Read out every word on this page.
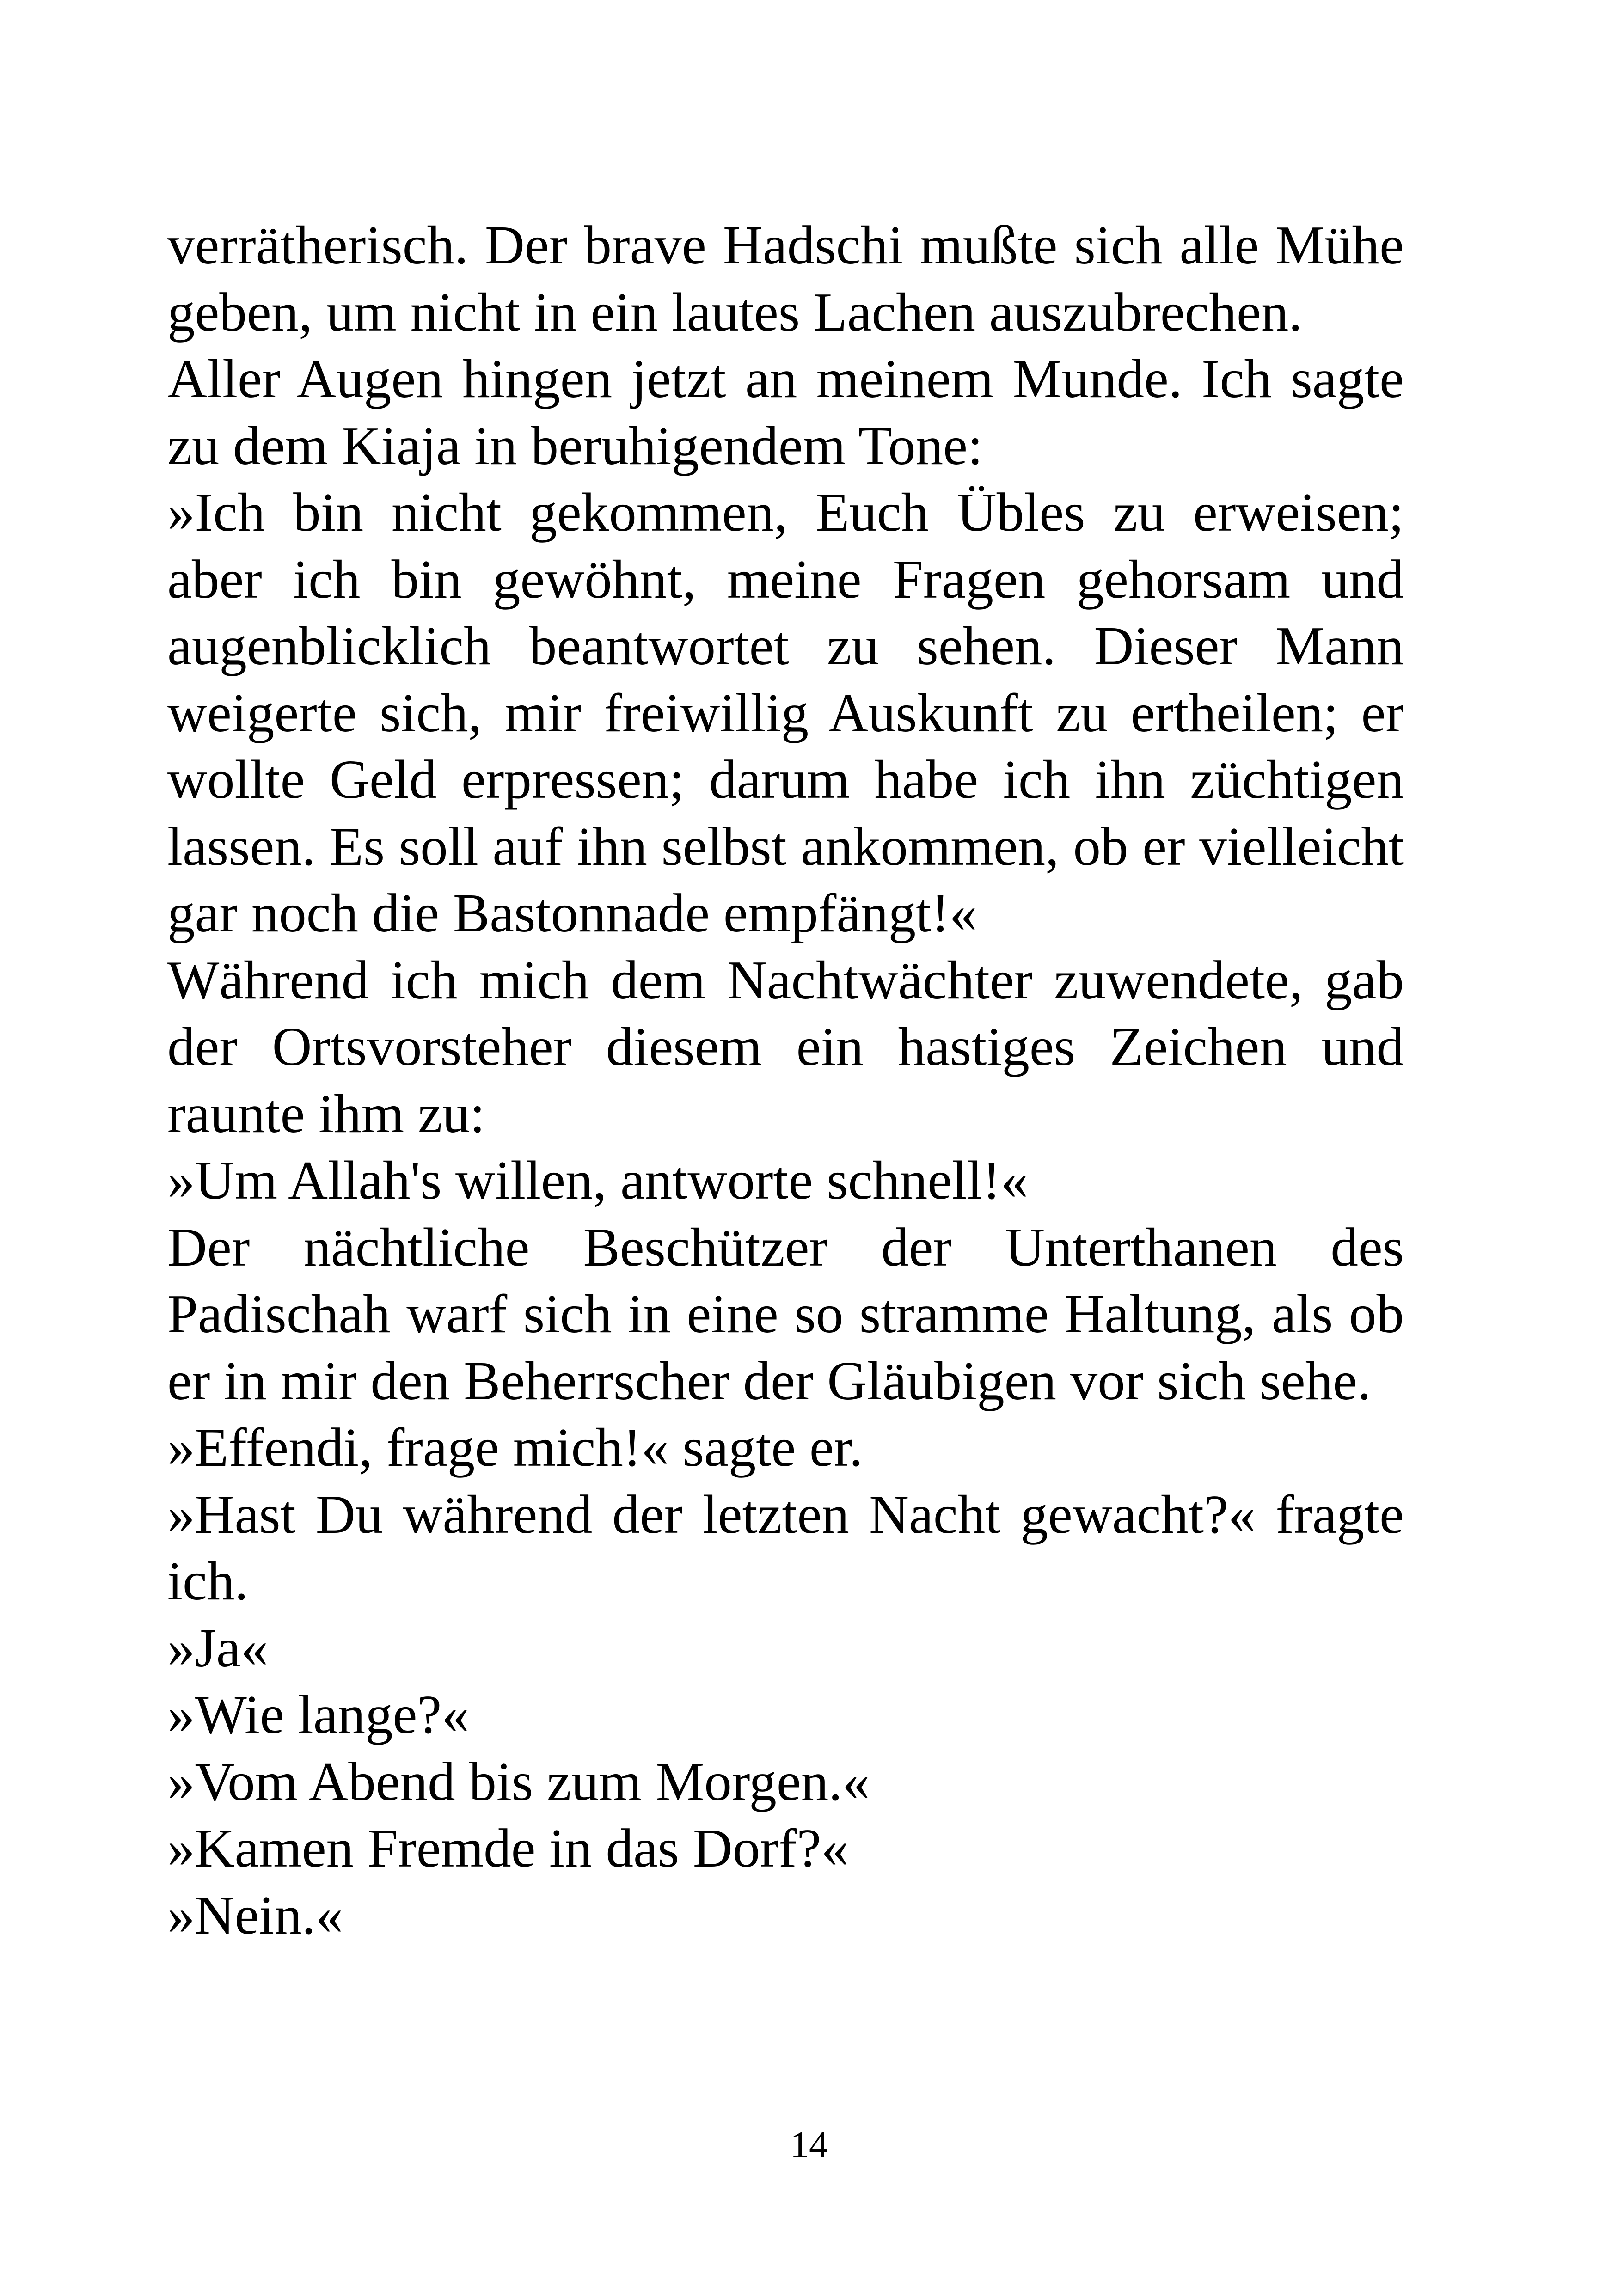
verrätherisch. Der brave Hadschi mußte sich alle Mühe geben, um nicht in ein lautes Lachen auszubrechen.

Aller Augen hingen jetzt an meinem Munde. Ich sagte zu dem Kiaja in beruhigendem Tone:

»Ich bin nicht gekommen, Euch Übles zu erweisen; aber ich bin gewöhnt, meine Fragen gehorsam und augenblicklich beantwortet zu sehen. Dieser Mann weigerte sich, mir freiwillig Auskunft zu ertheilen; er wollte Geld erpressen; darum habe ich ihn züchtigen lassen. Es soll auf ihn selbst ankommen, ob er vielleicht gar noch die Bastonnade empfängt!«

Während ich mich dem Nachtwächter zuwendete, gab der Ortsvorsteher diesem ein hastiges Zeichen und raunte ihm zu:

»Um Allah's willen, antworte schnell!«

Der nächtliche Beschützer der Unterthanen des Padischah warf sich in eine so stramme Haltung, als ob er in mir den Beherrscher der Gläubigen vor sich sehe.

»Effendi, frage mich!« sagte er.

»Hast Du während der letzten Nacht gewacht?« fragte ich.

»Ja«

»Wie lange?«

»Vom Abend bis zum Morgen.«

»Kamen Fremde in das Dorf?«

»Nein.«

14
